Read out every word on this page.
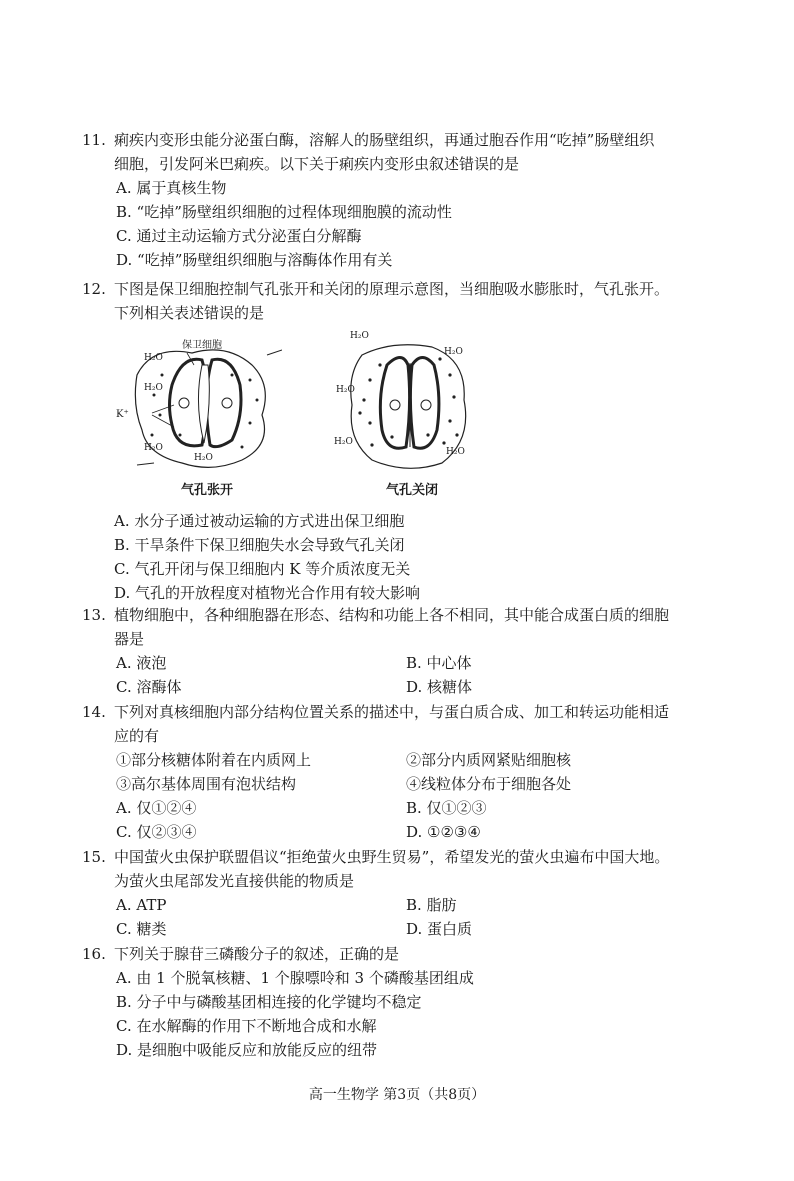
11. 痢疾内变形虫能分泌蛋白酶，溶解人的肠壁组织，再通过胞吞作用“吃掉”肠壁组织
细胞，引发阿米巴痢疾。以下关于痢疾内变形虫叙述错误的是
A. 属于真核生物
B. “吃掉”肠壁组织细胞的过程体现细胞膜的流动性
C. 通过主动运输方式分泌蛋白分解酶
D. “吃掉”肠壁组织细胞与溶酶体作用有关
12. 下图是保卫细胞控制气孔张开和关闭的原理示意图，当细胞吸水膨胀时，气孔张开。
下列相关表述错误的是
保卫细胞
H₂O
H₂O
K⁺
H₂O
H₂O
气孔张开
H₂O
H₂O
H₂O
H₂O
H₂O
气孔关闭
A. 水分子通过被动运输的方式进出保卫细胞
B. 干旱条件下保卫细胞失水会导致气孔关闭
C. 气孔开闭与保卫细胞内 K 等介质浓度无关
D. 气孔的开放程度对植物光合作用有较大影响
13. 植物细胞中，各种细胞器在形态、结构和功能上各不相同，其中能合成蛋白质的细胞
器是
A. 液泡	B. 中心体
C. 溶酶体	D. 核糖体
14. 下列对真核细胞内部分结构位置关系的描述中，与蛋白质合成、加工和转运功能相适
应的有
①部分核糖体附着在内质网上	②部分内质网紧贴细胞核
③高尔基体周围有泡状结构	④线粒体分布于细胞各处
A. 仅①②④	B. 仅①②③
C. 仅②③④	D. ①②③④
15. 中国萤火虫保护联盟倡议“拒绝萤火虫野生贸易”，希望发光的萤火虫遍布中国大地。
为萤火虫尾部发光直接供能的物质是
A. ATP	B. 脂肪
C. 糖类	D. 蛋白质
16. 下列关于腺苷三磷酸分子的叙述，正确的是
A. 由 1 个脱氧核糖、1 个腺嘌呤和 3 个磷酸基团组成
B. 分子中与磷酸基团相连接的化学键均不稳定
C. 在水解酶的作用下不断地合成和水解
D. 是细胞中吸能反应和放能反应的纽带
高一生物学 第3页（共8页）
